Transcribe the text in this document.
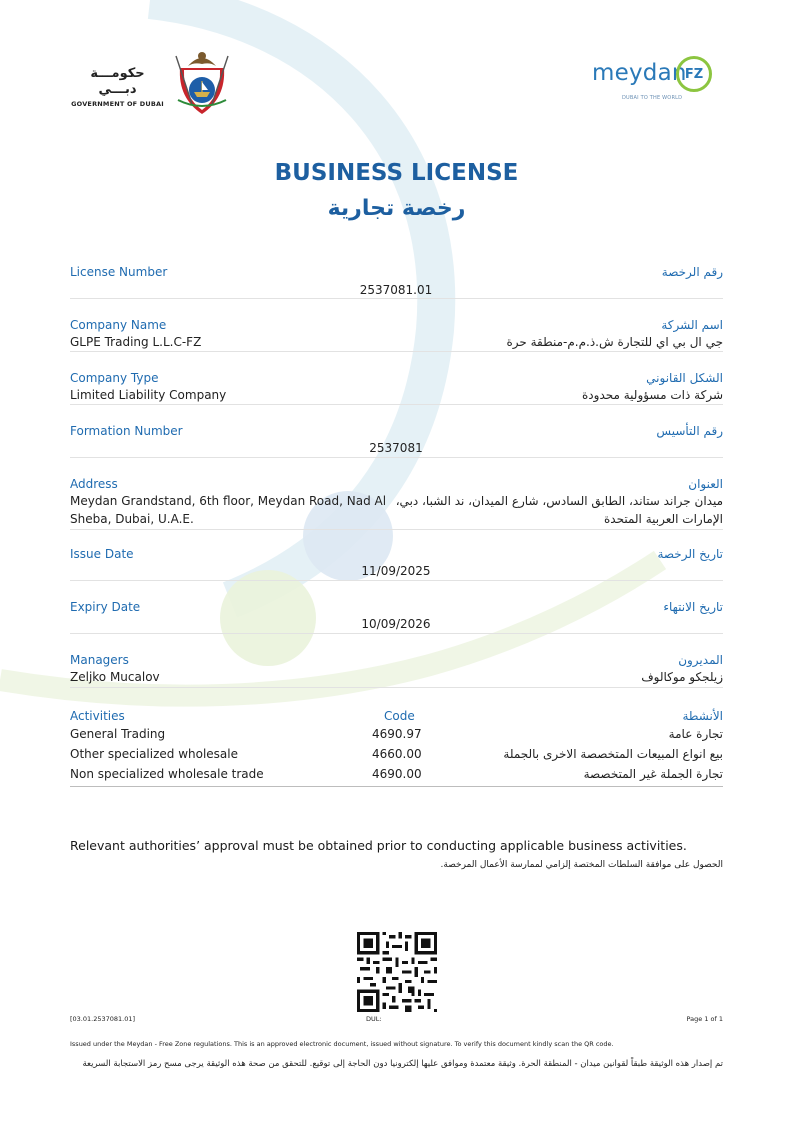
حكومـــة دبـــي
GOVERNMENT OF DUBAI
meydan
FZ
DUBAI TO THE WORLD
BUSINESS LICENSE
رخصة تجارية
License Number	رقم الرخصة
2537081.01
Company Name	اسم الشركة
GLPE Trading L.L.C-FZ	جي ال بي اي للتجارة ش.ذ.م.م-منطقة حرة
Company Type	الشكل القانوني
Limited Liability Company	شركة ذات مسؤولية محدودة
Formation Number	رقم التأسيس
2537081
Address	العنوان
Meydan Grandstand, 6th floor, Meydan Road, Nad Al
Sheba, Dubai, U.A.E.
ميدان جراند ستاند، الطابق السادس، شارع الميدان، ند الشبا، دبي،
الإمارات العربية المتحدة
Issue Date	تاريخ الرخصة
11/09/2025
Expiry Date	تاريخ الانتهاء
10/09/2026
Managers	المديرون
Zeljko Mucalov	زيلجكو موكالوف
Activities	Code	الأنشطة
General Trading	4690.97	تجارة عامة
Other specialized wholesale	4660.00	بيع انواع المبيعات المتخصصة الاخرى بالجملة
Non specialized wholesale trade	4690.00	تجارة الجملة غير المتخصصة
Relevant authorities’ approval must be obtained prior to conducting applicable business activities.
الحصول على موافقة السلطات المختصة إلزامي لممارسة الأعمال المرخصة.
[03.01.2537081.01]	DUL:	Page 1 of 1
Issued under the Meydan - Free Zone regulations. This is an approved electronic document, issued without signature. To verify this document kindly scan the QR code.
تم إصدار هذه الوثيقة طبقاً لقوانين ميدان - المنطقة الحرة. وثيقة معتمدة وموافق عليها إلكترونيا دون الحاجة إلى توقيع. للتحقق من صحة هذه الوثيقة يرجى مسح رمز الاستجابة السريعة
